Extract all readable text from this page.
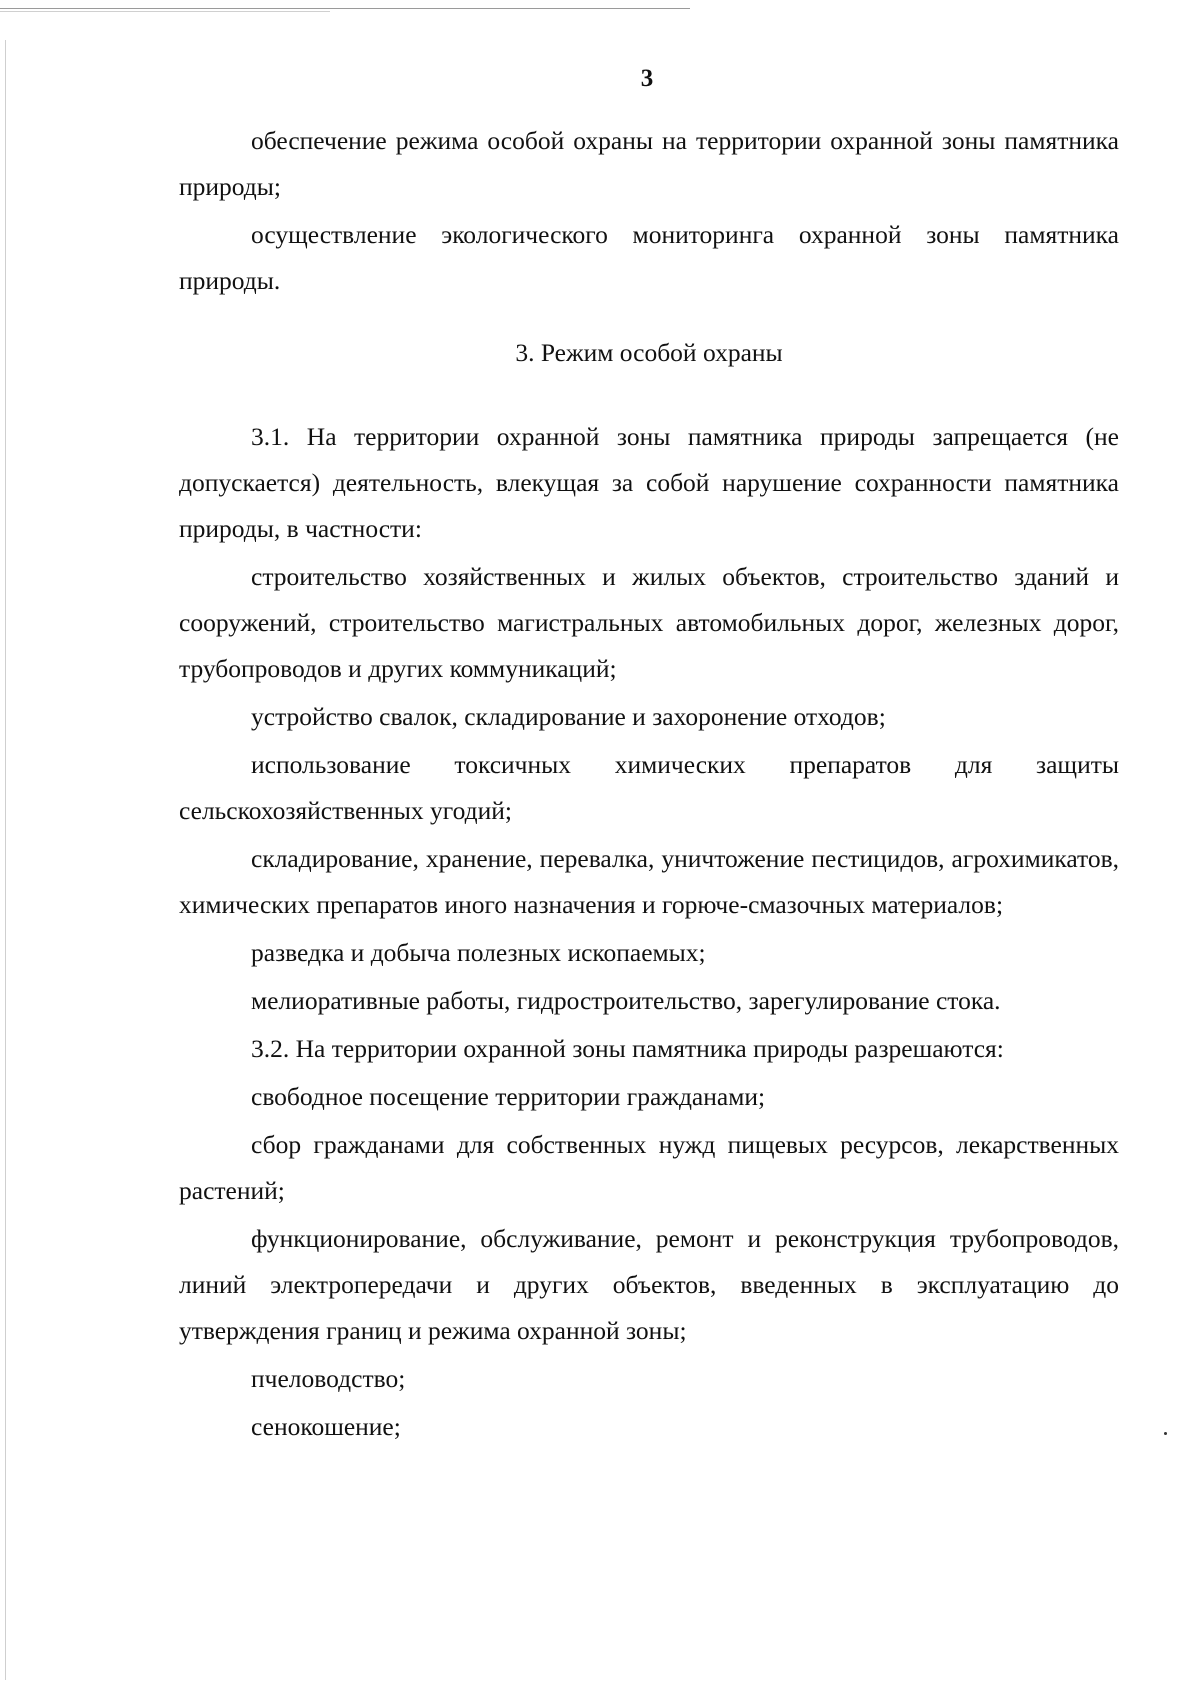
3

обеспечение режима особой охраны на территории охранной зоны памятника природы;

осуществление экологического мониторинга охранной зоны памятника природы.

3. Режим особой охраны

3.1. На территории охранной зоны памятника природы запрещается (не допускается) деятельность, влекущая за собой нарушение сохранности памятника природы, в частности:

строительство хозяйственных и жилых объектов, строительство зданий и сооружений, строительство магистральных автомобильных дорог, железных дорог, трубопроводов и других коммуникаций;

устройство свалок, складирование и захоронение отходов;

использование токсичных химических препаратов для защиты сельскохозяйственных угодий;

складирование, хранение, перевалка, уничтожение пестицидов, агрохимикатов, химических препаратов иного назначения и горюче-смазочных материалов;

разведка и добыча полезных ископаемых;

мелиоративные работы, гидростроительство, зарегулирование стока.

3.2. На территории охранной зоны памятника природы разрешаются:

свободное посещение территории гражданами;

сбор гражданами для собственных нужд пищевых ресурсов, лекарственных растений;

функционирование, обслуживание, ремонт и реконструкция трубопроводов, линий электропередачи и других объектов, введенных в эксплуатацию до утверждения границ и режима охранной зоны;

пчеловодство;

сенокошение;
